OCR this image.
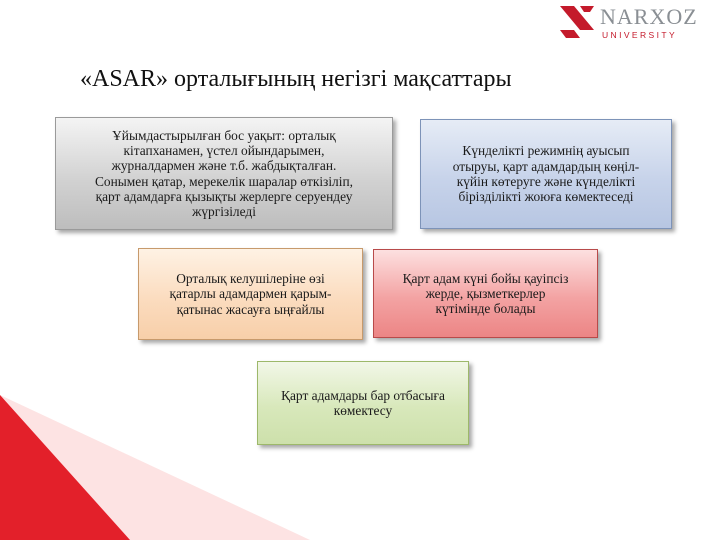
NARXOZ
UNIVERSITY
«ASAR» орталығының негізгі мақсаттары
Ұйымдастырылған бос уақыт: орталық
кітапханамен, үстел ойындарымен,
журналдармен және т.б. жабдықталған.
Сонымен қатар, мерекелік шаралар өткізіліп,
қарт адамдарға қызықты жерлерге серуендеу
жүргізіледі
Күнделікті режимнің ауысып
отыруы, қарт адамдардың көңіл-
күйін көтеруге және күнделікті
бірізділікті жоюға көмектеседі
Орталық келушілеріне өзі
қатарлы адамдармен қарым-
қатынас жасауға ыңғайлы
Қарт адам күні бойы қауіпсіз
жерде, қызметкерлер
күтімінде болады
Қарт адамдары бар отбасыға
көмектесу
